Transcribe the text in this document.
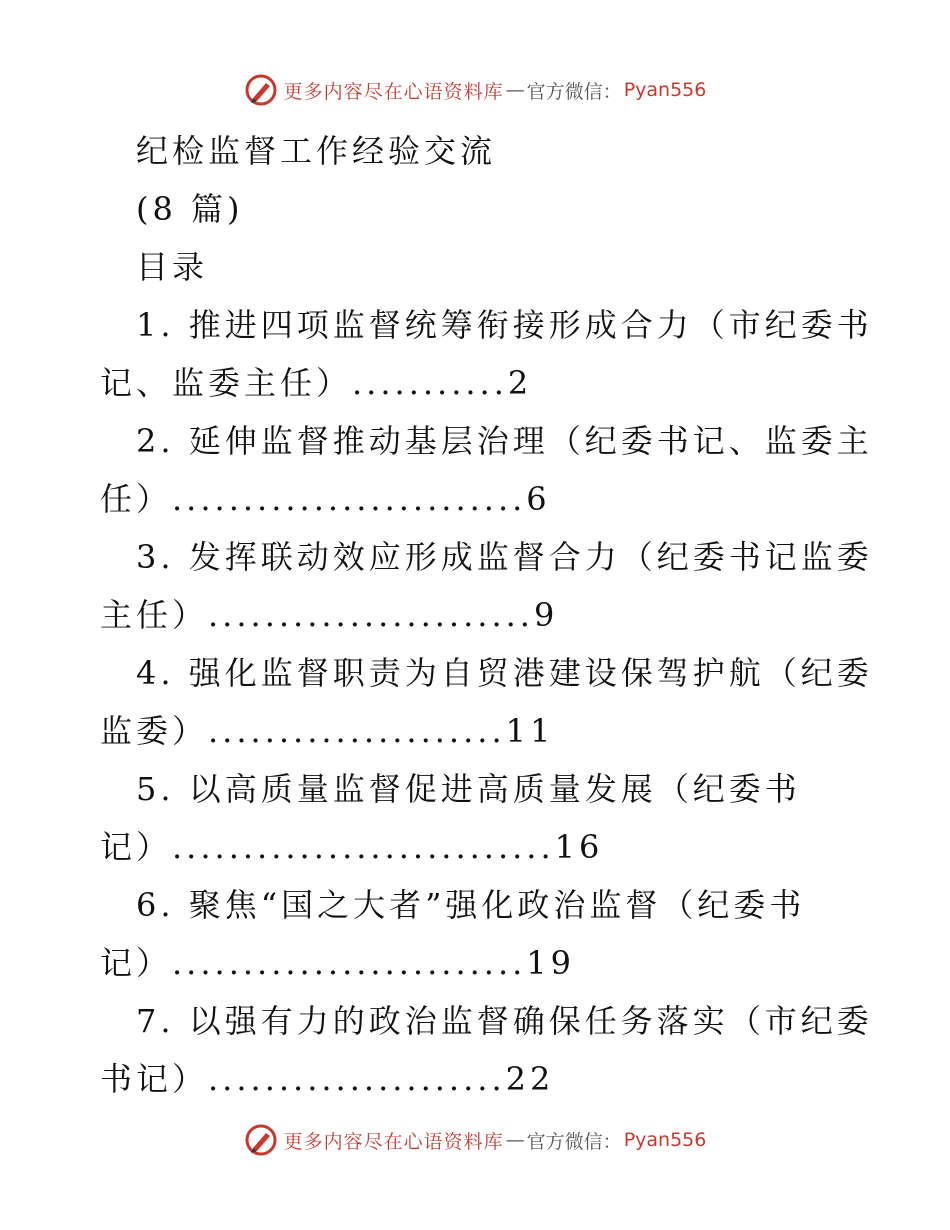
更多内容尽在心语资料库 — 官方微信： Pyan556
纪检监督工作经验交流
(8 篇)
目录
1. 推进四项监督统筹衔接形成合力（市纪委书
记、监委主任）...........2
2. 延伸监督推动基层治理（纪委书记、监委主
任）.........................6
3. 发挥联动效应形成监督合力（纪委书记监委
主任）.......................9
4. 强化监督职责为自贸港建设保驾护航（纪委
监委）.....................11
5. 以高质量监督促进高质量发展（纪委书
记）...........................16
6. 聚焦“国之大者”强化政治监督（纪委书
记）.........................19
7. 以强有力的政治监督确保任务落实（市纪委
书记）.....................22
更多内容尽在心语资料库 — 官方微信： Pyan556
